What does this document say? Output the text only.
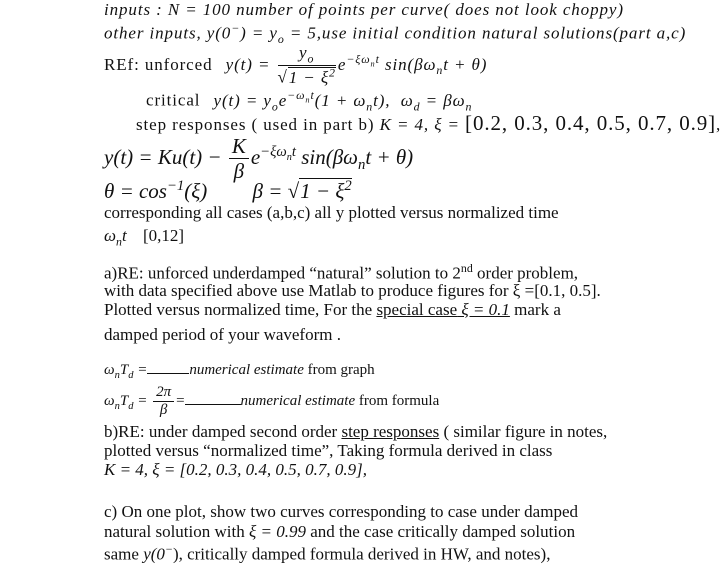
inputs : N = 100 number of points per curve( does not look choppy)
other inputs, $y(0^-) = y_o = 5,use$ initial condition natural solutions(part a,c)
REf: unforced $y(t) = \frac{y_o}{√1 - \xi^2} e^{-\xi\omega_nt}$ $\sin(\beta\omega_nt + \theta)$
critical $y(t) = y_oe^{-\omega_nt}(1 + \omega_nt)$, $\omega_d = \beta\omega_n$
step responses ( used in part b) K = 4, ξ = [0.2, 0.3, 0.4, 0.5, 0.7, 0.9],
$y(t) = Ku(t) - \frac{K}{\beta} e^{-\xi\omega_nt}$ $\sin(\beta\omega_nt + \theta)$
$\theta = \cos^{-1}(\xi) \beta = √1 - \xi^2$
corresponding all cases (a,b,c) all y plotted versus normalized time
$\omega_nt$ [0,12]
a)RE: unforced underdamped “natural” solution to 2nd order problem,
with data specified above use Matlab to produce figures for ξ =[0.1, 0.5].
Plotted versus normalized time, For the special case ξ = 0.1 mark a
damped period of your waveform .
$\omega_nT_d$ =	numerical estimate from graph
$\omega_nT_d = \frac{2\pi}{\beta}$ =	numerical estimate from formula
b)RE: under damped second order step responses ( similar figure in notes,
plotted versus “normalized time”, Taking formula derived in class
K = 4, ξ = [0.2, 0.3, 0.4, 0.5, 0.7, 0.9],
c) On one plot, show two curves corresponding to case under damped
natural solution with ξ = 0.99 and the case critically damped solution
same y(0−), critically damped formula derived in HW, and notes),
